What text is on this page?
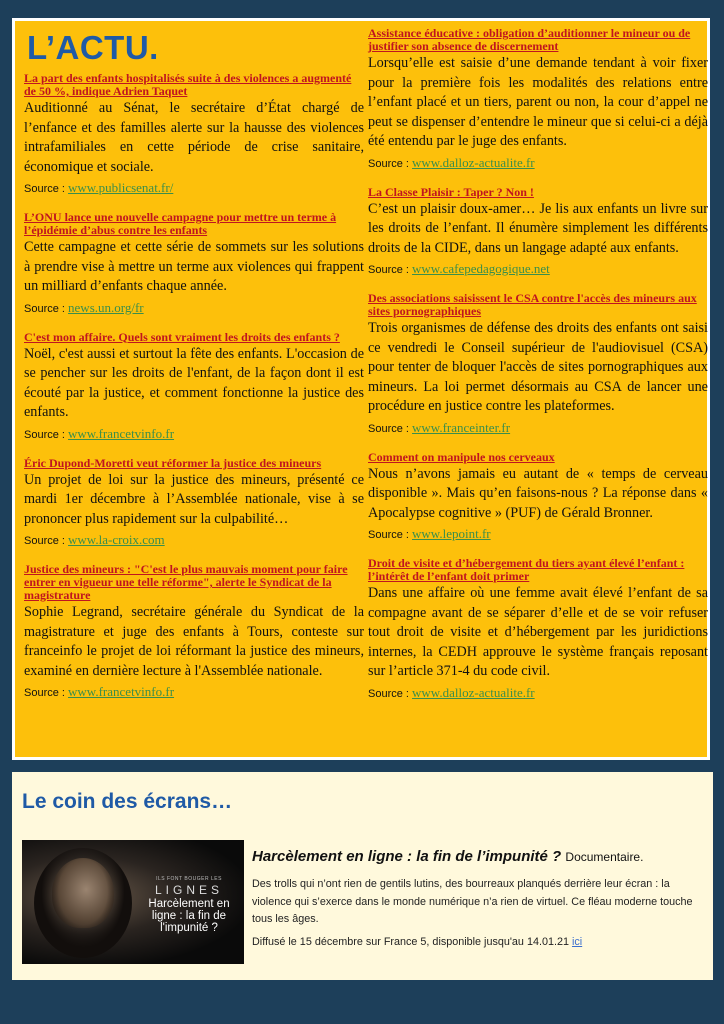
L’ACTU.

La part des enfants hospitalisés suite à des violences a augmenté de 50 %, indique Adrien Taquet

Auditionné au Sénat, le secrétaire d’État chargé de l’enfance et des familles alerte sur la hausse des violences intrafamiliales en cette période de crise sanitaire, économique et sociale.

Source : www.publicsenat.fr/

L’ONU lance une nouvelle campagne pour mettre un terme à l’épidémie d’abus contre les enfants

Cette campagne et cette série de sommets sur les solutions à prendre vise à mettre un terme aux violences qui frappent un milliard d’enfants chaque année.

Source : news.un.org/fr

C'est mon affaire. Quels sont vraiment les droits des enfants ?

Noël, c'est aussi et surtout la fête des enfants. L'occasion de se pencher sur les droits de l'enfant, de la façon dont il est écouté par la justice, et comment fonctionne la justice des enfants.

Source : www.francetvinfo.fr

Éric Dupond-Moretti veut réformer la justice des mineurs

Un projet de loi sur la justice des mineurs, présenté ce mardi 1er décembre à l’Assemblée nationale, vise à se prononcer plus rapidement sur la culpabilité…

Source : www.la-croix.com

Justice des mineurs : "C'est le plus mauvais moment pour faire entrer en vigueur une telle réforme", alerte le Syndicat de la magistrature

Sophie Legrand, secrétaire générale du Syndicat de la magistrature et juge des enfants à Tours, conteste sur franceinfo le projet de loi réformant la justice des mineurs, examiné en dernière lecture à l'Assemblée nationale.

Source : www.francetvinfo.fr

Assistance éducative : obligation d’auditionner le mineur ou de justifier son absence de discernement

Lorsqu’elle est saisie d’une demande tendant à voir fixer pour la première fois les modalités des relations entre l’enfant placé et un tiers, parent ou non, la cour d’appel ne peut se dispenser d’entendre le mineur que si celui-ci a déjà été entendu par le juge des enfants.

Source : www.dalloz-actualite.fr

La Classe Plaisir : Taper ? Non !

C’est un plaisir doux-amer… Je lis aux enfants un livre sur les droits de l’enfant. Il énumère simplement les différents droits de la CIDE, dans un langage adapté aux enfants.

Source : www.cafepedagogique.net

Des associations saisissent le CSA contre l'accès des mineurs aux sites pornographiques

Trois organismes de défense des droits des enfants ont saisi ce vendredi le Conseil supérieur de l'audiovisuel (CSA) pour tenter de bloquer l'accès de sites pornographiques aux mineurs. La loi permet désormais au CSA de lancer une procédure en justice contre les plateformes.

Source : www.franceinter.fr

Comment on manipule nos cerveaux

Nous n’avons jamais eu autant de « temps de cerveau disponible ». Mais qu’en faisons-nous ? La réponse dans « Apocalypse cognitive » (PUF) de Gérald Bronner.

Source : www.lepoint.fr

Droit de visite et d’hébergement du tiers ayant élevé l’enfant : l’intérêt de l’enfant doit primer

Dans une affaire où une femme avait élevé l’enfant de sa compagne avant de se séparer d’elle et de se voir refuser tout droit de visite et d’hébergement par les juridictions internes, la CEDH approuve le système français reposant sur l’article 371-4 du code civil.

Source : www.dalloz-actualite.fr

Le coin des écrans…
ILS FONT BOUGER LES
LIGNES
Harcèlement en ligne : la fin de l'impunité ?

Harcèlement en ligne : la fin de l’impunité ? Documentaire.

Des trolls qui n’ont rien de gentils lutins, des bourreaux planqués derrière leur écran : la violence qui s’exerce dans le monde numérique n’a rien de virtuel. Ce fléau moderne touche tous les âges.

Diffusé le 15 décembre sur France 5, disponible jusqu'au 14.01.21 ici
